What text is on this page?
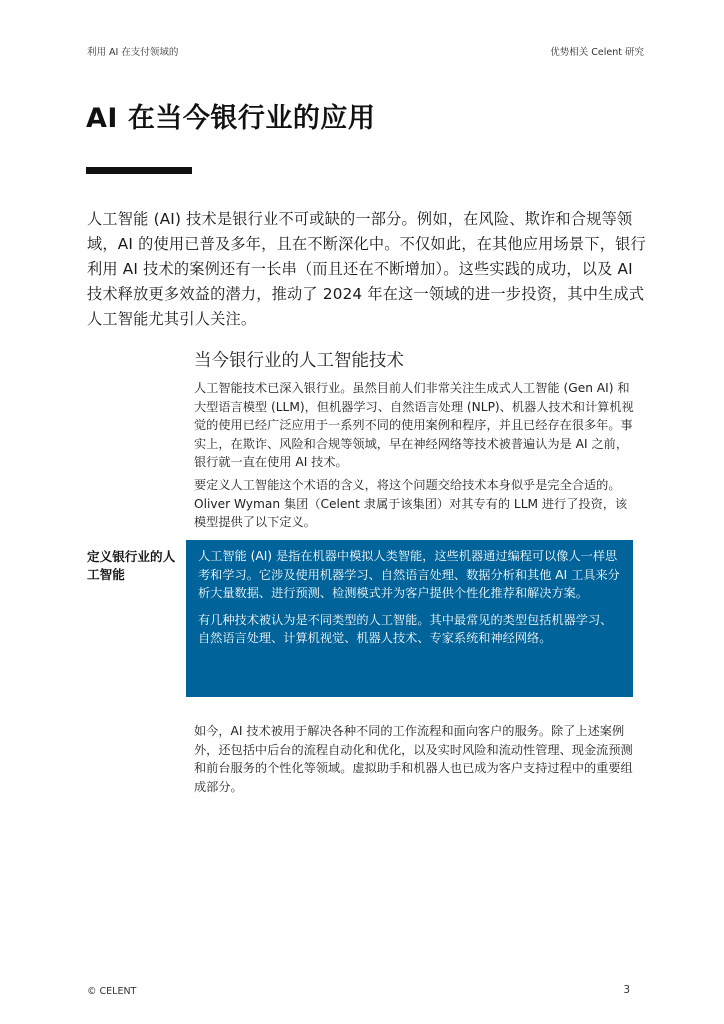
利用 AI 在支付领域的	优势相关 Celent 研究
AI 在当今银行业的应用

人工智能 (AI) 技术是银行业不可或缺的一部分。例如，在风险、欺诈和合规等领域，AI 的使用已普及多年，且在不断深化中。不仅如此，在其他应用场景下，银行利用 AI 技术的案例还有一长串（而且还在不断增加）。这些实践的成功，以及 AI 技术释放更多效益的潜力，推动了 2024 年在这一领域的进一步投资，其中生成式人工智能尤其引人关注。

当今银行业的人工智能技术

人工智能技术已深入银行业。虽然目前人们非常关注生成式人工智能 (Gen AI) 和大型语言模型 (LLM)，但机器学习、自然语言处理 (NLP)、机器人技术和计算机视觉的使用已经广泛应用于一系列不同的使用案例和程序，并且已经存在很多年。事实上，在欺诈、风险和合规等领域，早在神经网络等技术被普遍认为是 AI 之前，银行就一直在使用 AI 技术。

要定义人工智能这个术语的含义，将这个问题交给技术本身似乎是完全合适的。Oliver Wyman 集团（Celent 隶属于该集团）对其专有的 LLM 进行了投资，该模型提供了以下定义。

定义银行业的人工智能

人工智能 (AI) 是指在机器中模拟人类智能，这些机器通过编程可以像人一样思考和学习。它涉及使用机器学习、自然语言处理、数据分析和其他 AI 工具来分析大量数据、进行预测、检测模式并为客户提供个性化推荐和解决方案。

有几种技术被认为是不同类型的人工智能。其中最常见的类型包括机器学习、自然语言处理、计算机视觉、机器人技术、专家系统和神经网络。

如今，AI 技术被用于解决各种不同的工作流程和面向客户的服务。除了上述案例外，还包括中后台的流程自动化和优化，以及实时风险和流动性管理、现金流预测和前台服务的个性化等领域。虚拟助手和机器人也已成为客户支持过程中的重要组成部分。

© CELENT	3
